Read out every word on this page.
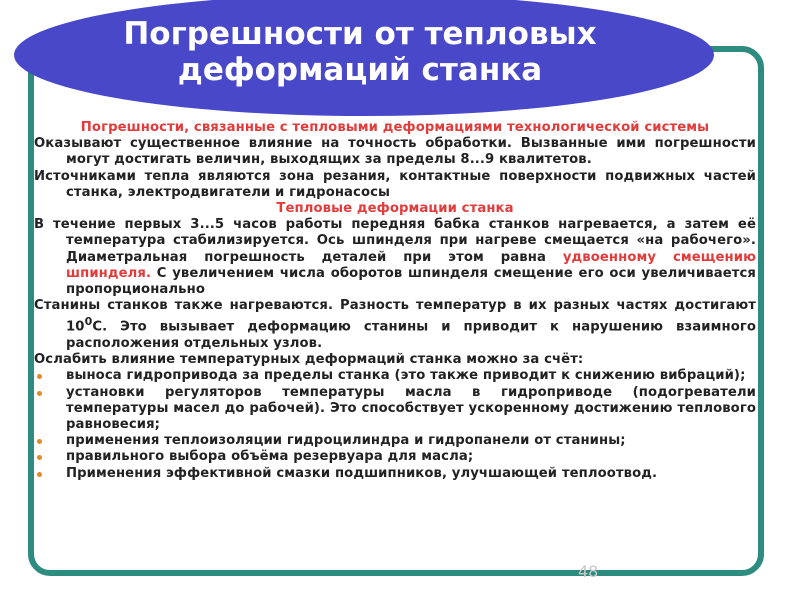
48
Погрешности от тепловых
деформаций станка
Погрешности, связанные с тепловыми деформациями технологической системы
Оказывают существенное влияние на точность обработки. Вызванные ими погрешности могут достигать величин, выходящих за пределы 8...9 квалитетов.
Источниками тепла являются зона резания, контактные поверхности подвижных частей станка, электродвигатели и гидронасосы
Тепловые деформации станка
В течение первых 3...5 часов работы передняя бабка станков нагревается, а затем её температура стабилизируется. Ось шпинделя при нагреве смещается «на рабочего». Диаметральная погрешность деталей при этом равна удвоенному смещению шпинделя. С увеличением числа оборотов шпинделя смещение его оси увеличивается пропорционально
Станины станков также нагреваются. Разность температур в их разных частях достигают $10^0С$. Это вызывает деформацию станины и приводит к нарушению взаимного расположения отдельных узлов.
Ослабить влияние температурных деформаций станка можно за счёт:
выноса гидропривода за пределы станка (это также приводит к снижению вибраций);
установки регуляторов температуры масла в гидроприводе (подогреватели температуры масел до рабочей). Это способствует ускоренному достижению теплового равновесия;
применения теплоизоляции гидроцилиндра и гидропанели от станины;
правильного выбора объёма резервуара для масла;
Применения эффективной смазки подшипников, улучшающей теплоотвод.
